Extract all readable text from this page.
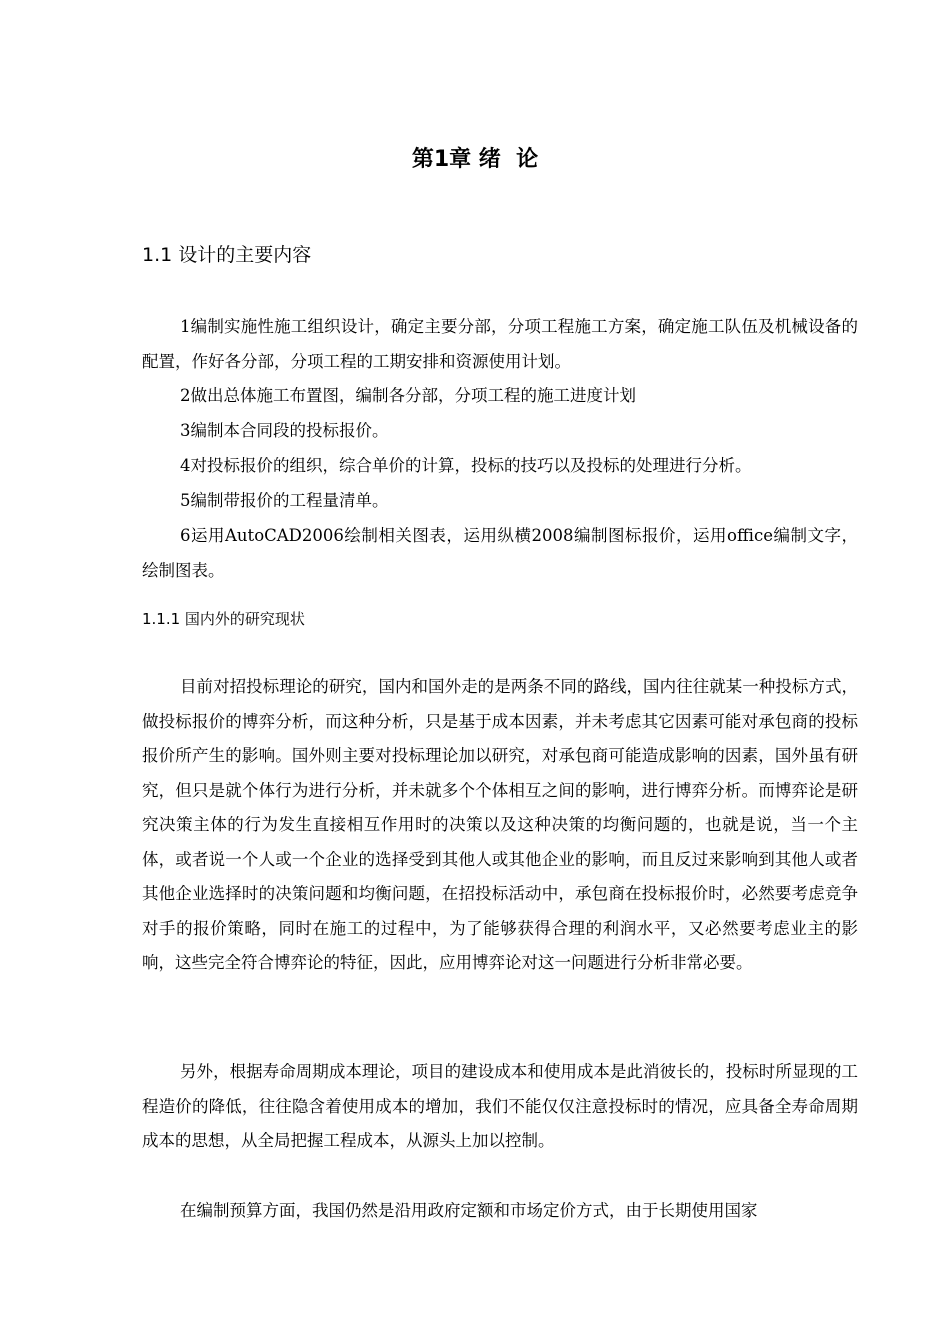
第1章 绪  论
1.1 设计的主要内容

1编制实施性施工组织设计，确定主要分部，分项工程施工方案，确定施工队伍及机械设备的配置，作好各分部，分项工程的工期安排和资源使用计划。

2做出总体施工布置图，编制各分部，分项工程的施工进度计划
3编制本合同段的投标报价。
4对投标报价的组织，综合单价的计算，投标的技巧以及投标的处理进行分析。
5编制带报价的工程量清单。

6运用AutoCAD2006绘制相关图表，运用纵横2008编制图标报价，运用office编制文字，绘制图表。

1.1.1 国内外的研究现状

目前对招投标理论的研究，国内和国外走的是两条不同的路线，国内往往就某一种投标方式，做投标报价的博弈分析，而这种分析，只是基于成本因素，并未考虑其它因素可能对承包商的投标报价所产生的影响。国外则主要对投标理论加以研究，对承包商可能造成影响的因素，国外虽有研究，但只是就个体行为进行分析，并未就多个个体相互之间的影响，进行博弈分析。而博弈论是研究决策主体的行为发生直接相互作用时的决策以及这种决策的均衡问题的，也就是说，当一个主体，或者说一个人或一个企业的选择受到其他人或其他企业的影响，而且反过来影响到其他人或者其他企业选择时的决策问题和均衡问题，在招投标活动中，承包商在投标报价时，必然要考虑竞争对手的报价策略，同时在施工的过程中，为了能够获得合理的利润水平，又必然要考虑业主的影响，这些完全符合博弈论的特征，因此，应用博弈论对这一问题进行分析非常必要。

另外，根据寿命周期成本理论，项目的建设成本和使用成本是此消彼长的，投标时所显现的工程造价的降低，往往隐含着使用成本的增加，我们不能仅仅注意投标时的情况，应具备全寿命周期成本的思想，从全局把握工程成本，从源头上加以控制。

在编制预算方面，我国仍然是沿用政府定额和市场定价方式，由于长期使用国家
